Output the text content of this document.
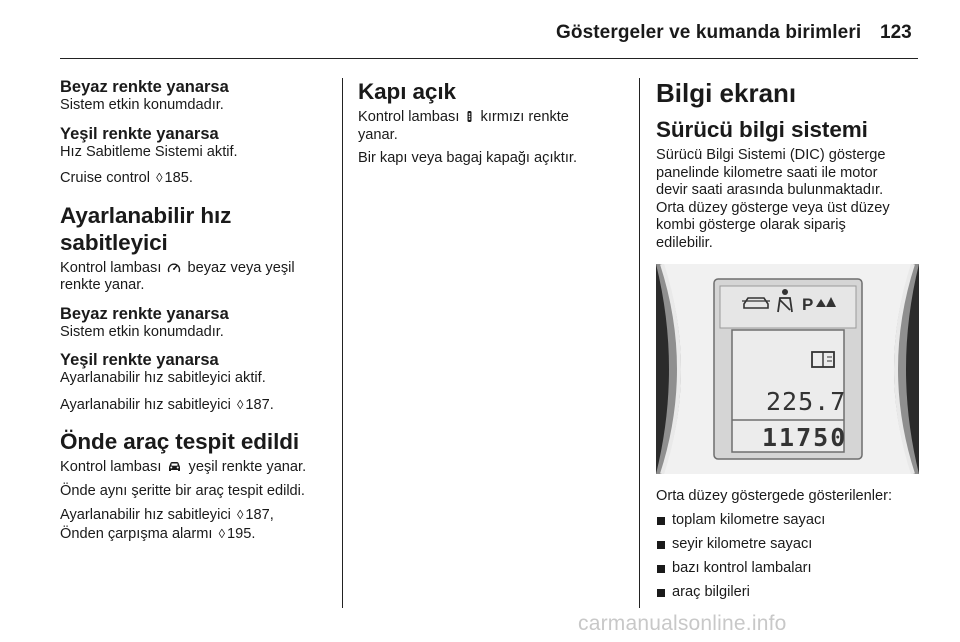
Göstergeler ve kumanda birimleri 123

Beyaz renkte yanarsa

Sistem etkin konumdadır.

Yeşil renkte yanarsa

Hız Sabitleme Sistemi aktif.

Cruise control ◊ 185.

Ayarlanabilir hız sabitleyici

Kontrol lambası beyaz veya yeşil
renkte yanar.

Beyaz renkte yanarsa

Sistem etkin konumdadır.

Yeşil renkte yanarsa

Ayarlanabilir hız sabitleyici aktif.

Ayarlanabilir hız sabitleyici ◊ 187.

Önde araç tespit edildi

Kontrol lambası yeşil renkte yanar.

Önde aynı şeritte bir araç tespit edildi.

Ayarlanabilir hız sabitleyici ◊ 187,

Önden çarpışma alarmı ◊ 195.

Kapı açık

Kontrol lambası kırmızı renkte
yanar.

Bir kapı veya bagaj kapağı açıktır.

Bilgi ekranı

Sürücü bilgi sistemi

Sürücü Bilgi Sistemi (DIC) gösterge

panelinde kilometre saati ile motor

devir saati arasında bulunmaktadır.

Orta düzey gösterge veya üst düzey

kombi gösterge olarak sipariş

edilebilir.

P
225.7
11750

Orta düzey göstergede gösterilenler:

toplam kilometre sayacı
seyir kilometre sayacı
bazı kontrol lambaları
araç bilgileri
carmanualsonline.info
